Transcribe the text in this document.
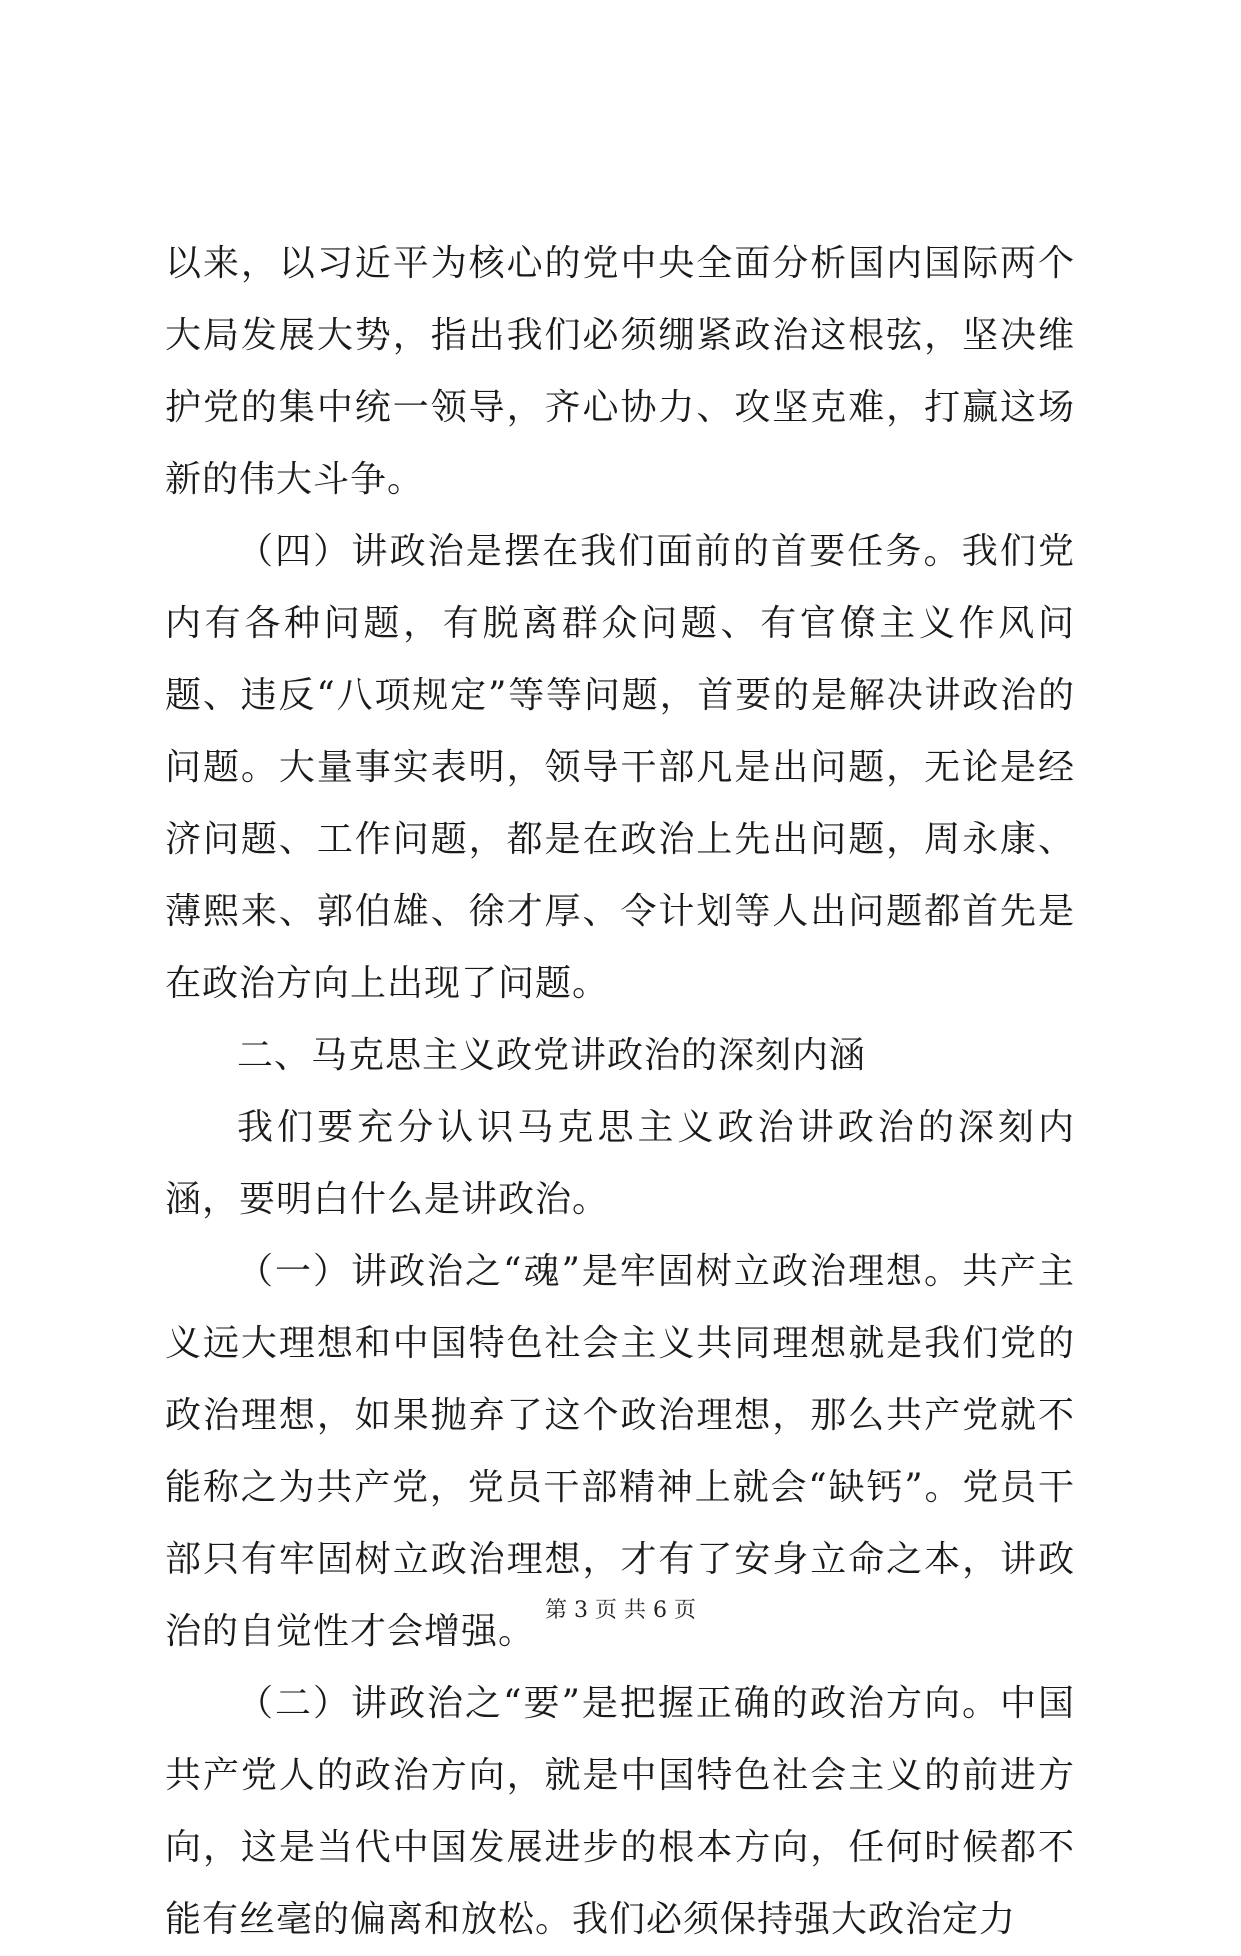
以来，以习近平为核心的党中央全面分析国内国际两个大局发展大势，指出我们必须绷紧政治这根弦，坚决维护党的集中统一领导，齐心协力、攻坚克难，打赢这场新的伟大斗争。

（四）讲政治是摆在我们面前的首要任务。我们党内有各种问题，有脱离群众问题、有官僚主义作风问题、违反“八项规定”等等问题，首要的是解决讲政治的问题。大量事实表明，领导干部凡是出问题，无论是经济问题、工作问题，都是在政治上先出问题，周永康、薄熙来、郭伯雄、徐才厚、令计划等人出问题都首先是在政治方向上出现了问题。

二、马克思主义政党讲政治的深刻内涵

我们要充分认识马克思主义政治讲政治的深刻内涵，要明白什么是讲政治。

（一）讲政治之“魂”是牢固树立政治理想。共产主义远大理想和中国特色社会主义共同理想就是我们党的政治理想，如果抛弃了这个政治理想，那么共产党就不能称之为共产党，党员干部精神上就会“缺钙”。党员干部只有牢固树立政治理想，才有了安身立命之本，讲政治的自觉性才会增强。

（二）讲政治之“要”是把握正确的政治方向。中国共产党人的政治方向，就是中国特色社会主义的前进方向，这是当代中国发展进步的根本方向，任何时候都不能有丝毫的偏离和放松。我们必须保持强大政治定力

第 3 页 共 6 页
